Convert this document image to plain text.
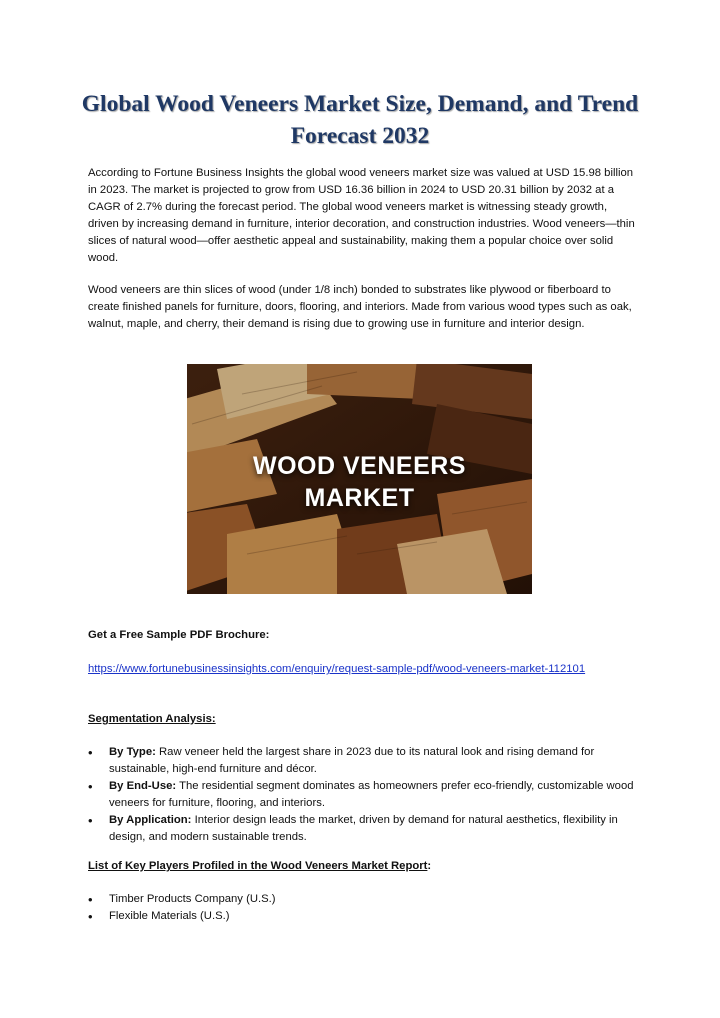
Global Wood Veneers Market Size, Demand, and Trend Forecast 2032

According to Fortune Business Insights the global wood veneers market size was valued at USD 15.98 billion in 2023. The market is projected to grow from USD 16.36 billion in 2024 to USD 20.31 billion by 2032 at a CAGR of 2.7% during the forecast period. The global wood veneers market is witnessing steady growth, driven by increasing demand in furniture, interior decoration, and construction industries. Wood veneers—thin slices of natural wood—offer aesthetic appeal and sustainability, making them a popular choice over solid wood.

Wood veneers are thin slices of wood (under 1/8 inch) bonded to substrates like plywood or fiberboard to create finished panels for furniture, doors, flooring, and interiors. Made from various wood types such as oak, walnut, maple, and cherry, their demand is rising due to growing use in furniture and interior design.

WOOD VENEERS
MARKET

Get a Free Sample PDF Brochure:

https://www.fortunebusinessinsights.com/enquiry/request-sample-pdf/wood-veneers-market-112101

Segmentation Analysis:

• By Type: Raw veneer held the largest share in 2023 due to its natural look and rising demand for sustainable, high-end furniture and décor.
• By End-Use: The residential segment dominates as homeowners prefer eco-friendly, customizable wood veneers for furniture, flooring, and interiors.
• By Application: Interior design leads the market, driven by demand for natural aesthetics, flexibility in design, and modern sustainable trends.

List of Key Players Profiled in the Wood Veneers Market Report:

• Timber Products Company (U.S.)
• Flexible Materials (U.S.)
